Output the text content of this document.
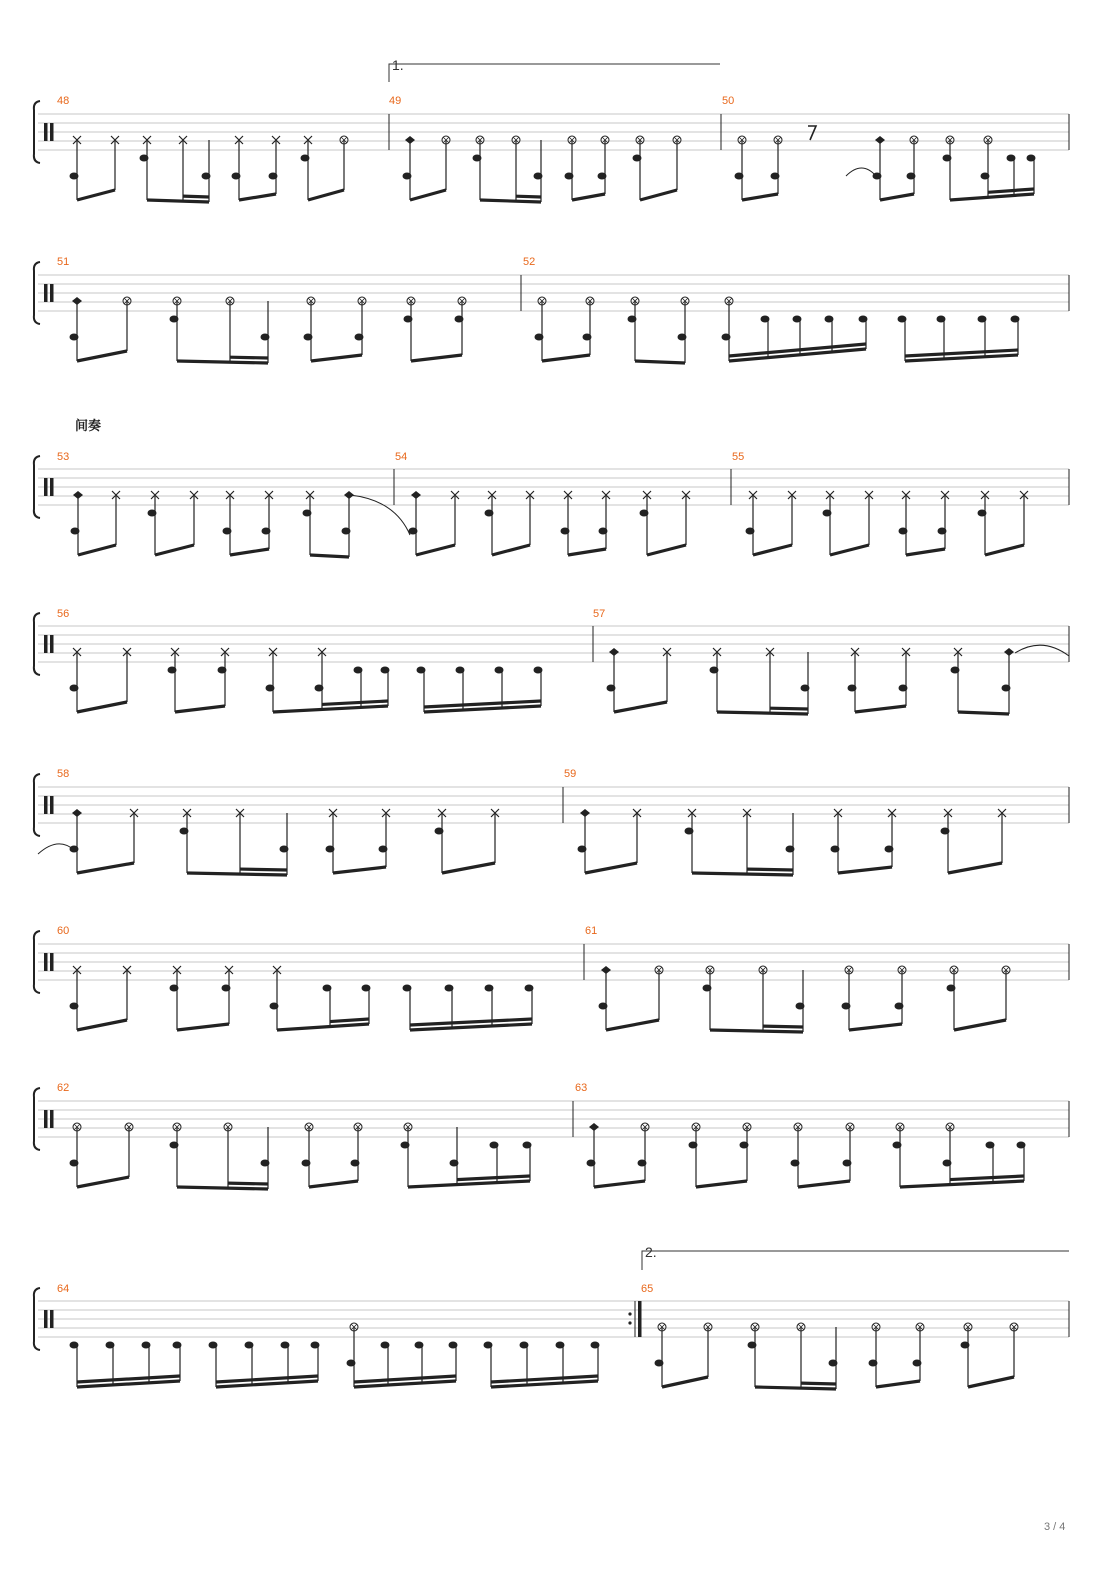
1.
2.
间奏
48	49	50
51	52
53	54	55
56	57
58	59
60	61
62	63
64	65
3 / 4
